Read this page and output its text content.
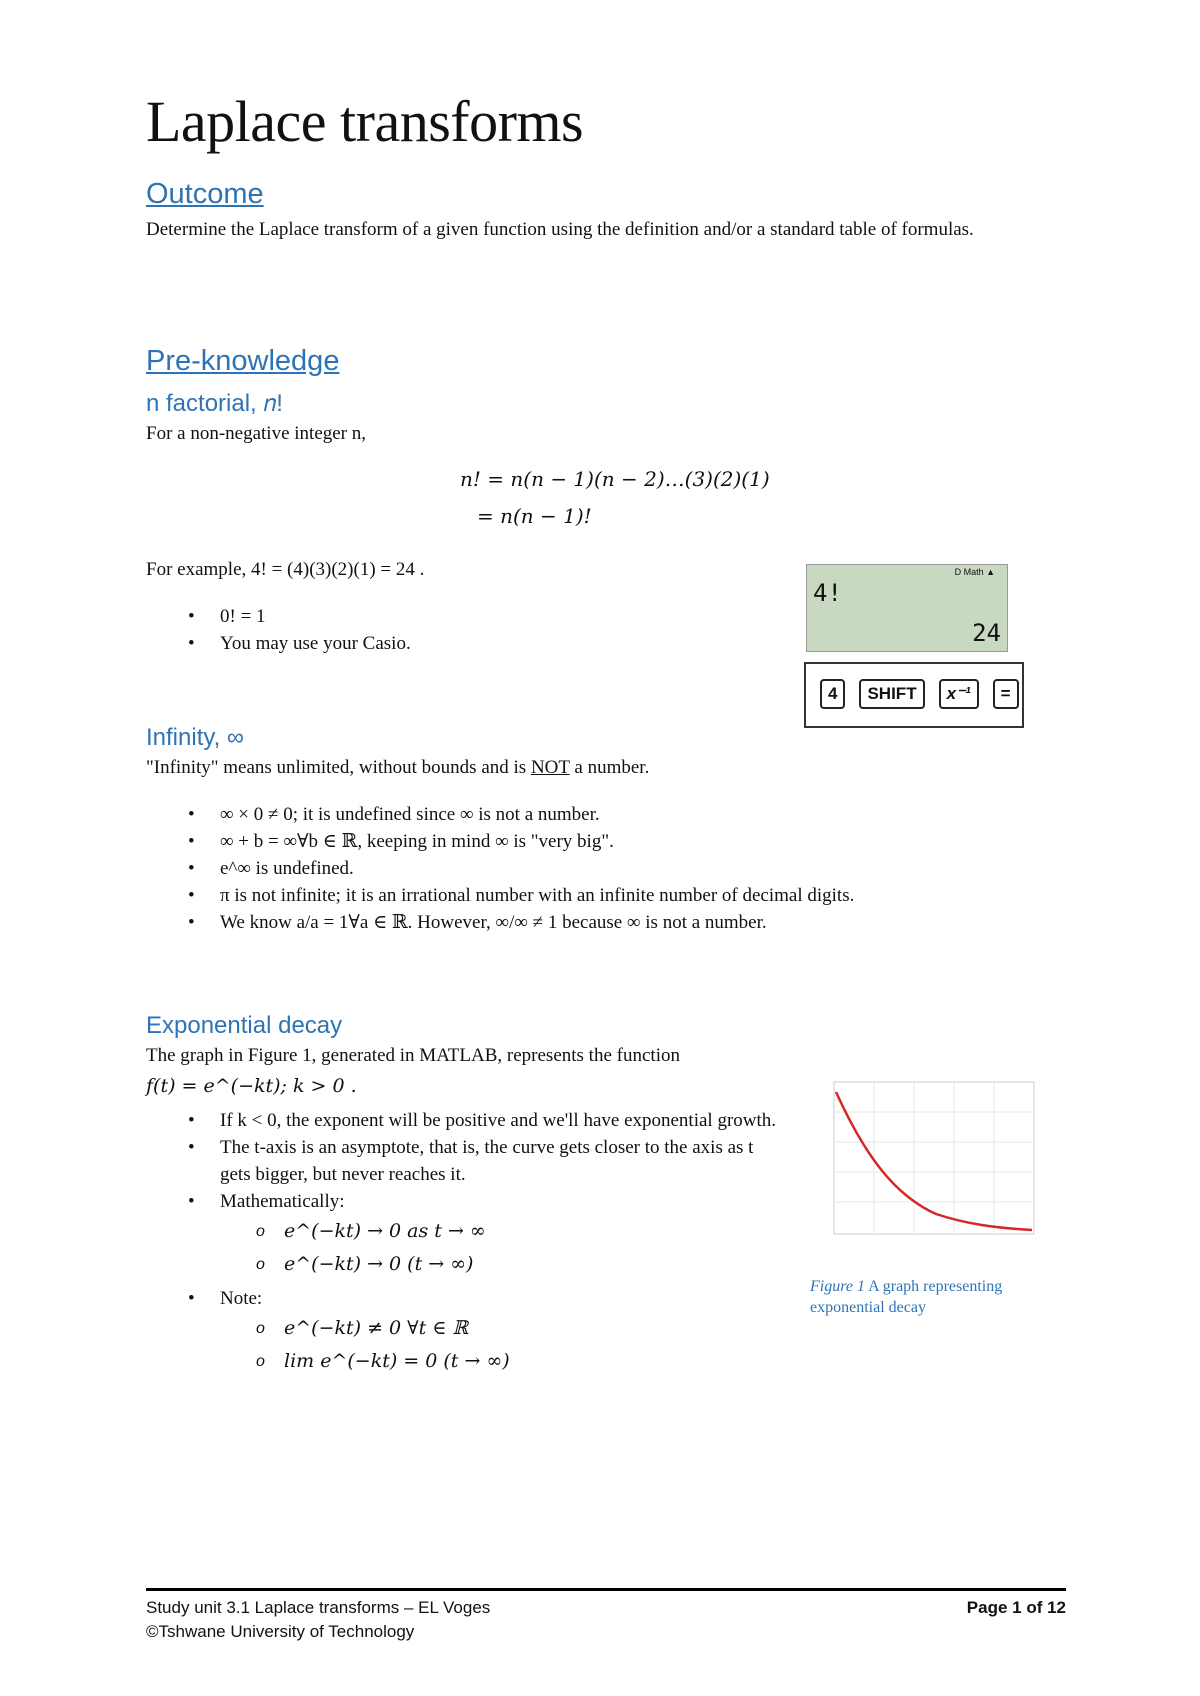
Laplace transforms
Outcome
Determine the Laplace transform of a given function using the definition and/or a standard table of formulas.
Pre-knowledge
n factorial, 𝑛!
For a non-negative integer n,
n! = n(n − 1)(n − 2)…(3)(2)(1)
= n(n − 1)!
For example, 4! = (4)(3)(2)(1) = 24 .
• 0! = 1
• You may use your Casio.
D Math ▲
4!
24
4 SHIFT x⁻¹ =
Infinity, ∞
"Infinity" means unlimited, without bounds and is NOT a number.
• ∞ × 0 ≠ 0; it is undefined since ∞ is not a number.
• ∞ + b = ∞∀b ∈ ℝ, keeping in mind ∞ is "very big".
• e^∞ is undefined.
• π is not infinite; it is an irrational number with an infinite number of decimal digits.
• We know a/a = 1∀a ∈ ℝ. However, ∞/∞ ≠ 1 because ∞ is not a number.
Exponential decay
The graph in Figure 1, generated in MATLAB, represents the function
f(t) = e^(−kt); k > 0 .
• If k < 0, the exponent will be positive and we'll have exponential growth.
• The t-axis is an asymptote, that is, the curve gets closer to the axis as t gets bigger, but never reaches it.
• Mathematically:
o e^(−kt) → 0 as t → ∞
o e^(−kt) → 0 (t → ∞)
• Note:
o e^(−kt) ≠ 0 ∀t ∈ ℝ
o lim e^(−kt) = 0 (t → ∞)
Figure 1 A graph representing exponential decay
Study unit 3.1 Laplace transforms – EL Voges
©Tshwane University of Technology
Page 1 of 12
